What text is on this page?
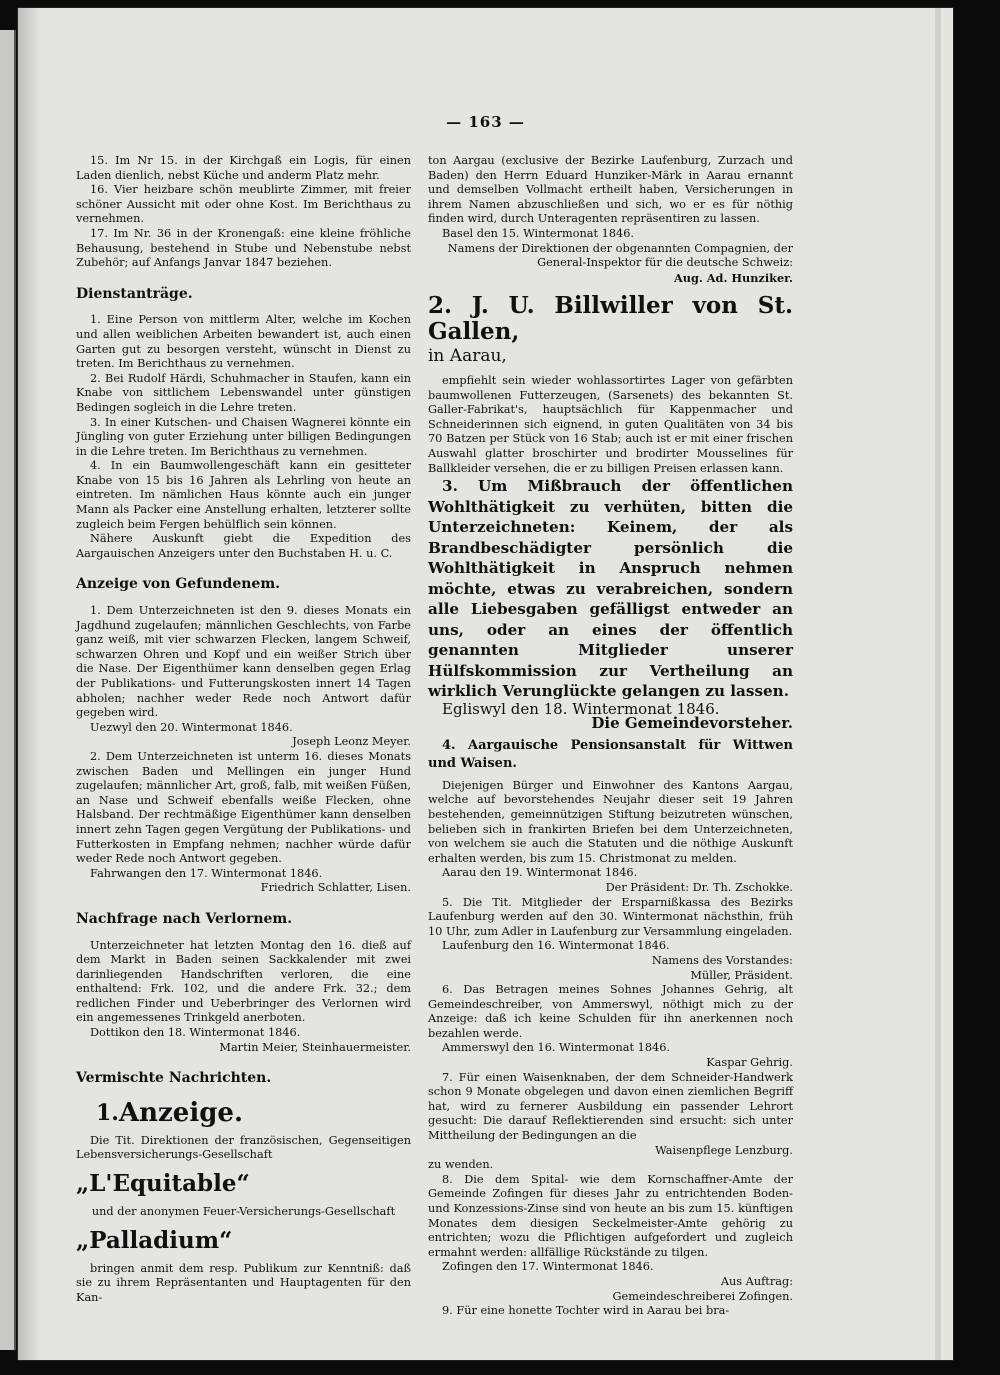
— 163 —

15. Im Nr 15. in der Kirchgaß ein Logis, für einen Laden dienlich, nebst Küche und anderm Platz mehr.

16. Vier heizbare schön meublirte Zimmer, mit freier schöner Aussicht mit oder ohne Kost. Im Berichthaus zu vernehmen.

17. Im Nr. 36 in der Kronengaß: eine kleine fröhliche Behausung, bestehend in Stube und Nebenstube nebst Zubehör; auf Anfangs Janvar 1847 beziehen.

Dienstanträge.

1. Eine Person von mittlerm Alter, welche im Kochen und allen weiblichen Arbeiten bewandert ist, auch einen Garten gut zu besorgen versteht, wünscht in Dienst zu treten. Im Berichthaus zu vernehmen.

2. Bei Rudolf Härdi, Schuhmacher in Staufen, kann ein Knabe von sittlichem Lebenswandel unter günstigen Bedingen sogleich in die Lehre treten.

3. In einer Kutschen- und Chaisen Wagnerei könnte ein Jüngling von guter Erziehung unter billigen Bedingungen in die Lehre treten. Im Berichthaus zu vernehmen.

4. In ein Baumwollengeschäft kann ein gesitteter Knabe von 15 bis 16 Jahren als Lehrling von heute an eintreten. Im nämlichen Haus könnte auch ein junger Mann als Packer eine Anstellung erhalten, letzterer sollte zugleich beim Fergen behülflich sein können.

Nähere Auskunft giebt die Expedition des Aargauischen Anzeigers unter den Buchstaben H. u. C.

Anzeige von Gefundenem.

1. Dem Unterzeichneten ist den 9. dieses Monats ein Jagdhund zugelaufen; männlichen Geschlechts, von Farbe ganz weiß, mit vier schwarzen Flecken, langem Schweif, schwarzen Ohren und Kopf und ein weißer Strich über die Nase. Der Eigenthümer kann denselben gegen Erlag der Publikations- und Futterungskosten innert 14 Tagen abholen; nachher weder Rede noch Antwort dafür gegeben wird.

Uezwyl den 20. Wintermonat 1846.

Joseph Leonz Meyer.

2. Dem Unterzeichneten ist unterm 16. dieses Monats zwischen Baden und Mellingen ein junger Hund zugelaufen; männlicher Art, groß, falb, mit weißen Füßen, an Nase und Schweif ebenfalls weiße Flecken, ohne Halsband. Der rechtmäßige Eigenthümer kann denselben innert zehn Tagen gegen Vergütung der Publikations- und Futterkosten in Empfang nehmen; nachher würde dafür weder Rede noch Antwort gegeben.

Fahrwangen den 17. Wintermonat 1846.

Friedrich Schlatter, Lisen.

Nachfrage nach Verlornem.

Unterzeichneter hat letzten Montag den 16. dieß auf dem Markt in Baden seinen Sackkalender mit zwei darinliegenden Handschriften verloren, die eine enthaltend: Frk. 102, und die andere Frk. 32.; dem redlichen Finder und Ueberbringer des Verlornen wird ein angemessenes Trinkgeld anerboten.

Dottikon den 18. Wintermonat 1846.

Martin Meier, Steinhauermeister.

Vermischte Nachrichten.

1. Anzeige.

Die Tit. Direktionen der französischen, Gegenseitigen Lebensversicherungs-Gesellschaft

„L'Equitable“

und der anonymen Feuer-Versicherungs-Gesellschaft

„Palladium“

bringen anmit dem resp. Publikum zur Kenntniß: daß sie zu ihrem Repräsentanten und Hauptagenten für den Kan-

ton Aargau (exclusive der Bezirke Laufenburg, Zurzach und Baden) den Herrn Eduard Hunziker-Märk in Aarau ernannt und demselben Vollmacht ertheilt haben, Versicherungen in ihrem Namen abzuschließen und sich, wo er es für nöthig finden wird, durch Unteragenten repräsentiren zu lassen.

Basel den 15. Wintermonat 1846.

Namens der Direktionen der obgenannten Compagnien, der General-Inspektor für die deutsche Schweiz:

Aug. Ad. Hunziker.

2. J. U. Billwiller von St. Gallen,

in Aarau,

empfiehlt sein wieder wohlassortirtes Lager von gefärbten baumwollenen Futterzeugen, (Sarsenets) des bekannten St. Galler-Fabrikat's, hauptsächlich für Kappenmacher und Schneiderinnen sich eignend, in guten Qualitäten von 34 bis 70 Batzen per Stück von 16 Stab; auch ist er mit einer frischen Auswahl glatter broschirter und brodirter Mousselines für Ballkleider versehen, die er zu billigen Preisen erlassen kann.

3. Um Mißbrauch der öffentlichen Wohlthätigkeit zu verhüten, bitten die Unterzeichneten: Keinem, der als Brandbeschädigter persönlich die Wohlthätigkeit in Anspruch nehmen möchte, etwas zu verabreichen, sondern alle Liebesgaben gefälligst entweder an uns, oder an eines der öffentlich genannten Mitglieder unserer Hülfskommission zur Vertheilung an wirklich Verunglückte gelangen zu lassen.

Egliswyl den 18. Wintermonat 1846.

Die Gemeindevorsteher.

4. Aargauische Pensionsanstalt für Wittwen und Waisen.

Diejenigen Bürger und Einwohner des Kantons Aargau, welche auf bevorstehendes Neujahr dieser seit 19 Jahren bestehenden, gemeinnützigen Stiftung beizutreten wünschen, belieben sich in frankirten Briefen bei dem Unterzeichneten, von welchem sie auch die Statuten und die nöthige Auskunft erhalten werden, bis zum 15. Christmonat zu melden.

Aarau den 19. Wintermonat 1846.

Der Präsident: Dr. Th. Zschokke.

5. Die Tit. Mitglieder der Ersparnißkassa des Bezirks Laufenburg werden auf den 30. Wintermonat nächsthin, früh 10 Uhr, zum Adler in Laufenburg zur Versammlung eingeladen.

Laufenburg den 16. Wintermonat 1846.

Namens des Vorstandes:

Müller, Präsident.

6. Das Betragen meines Sohnes Johannes Gehrig, alt Gemeindeschreiber, von Ammerswyl, nöthigt mich zu der Anzeige: daß ich keine Schulden für ihn anerkennen noch bezahlen werde.

Ammerswyl den 16. Wintermonat 1846.

Kaspar Gehrig.

7. Für einen Waisenknaben, der dem Schneider-Handwerk schon 9 Monate obgelegen und davon einen ziemlichen Begriff hat, wird zu fernerer Ausbildung ein passender Lehrort gesucht: Die darauf Reflektierenden sind ersucht: sich unter Mittheilung der Bedingungen an die

Waisenpflege Lenzburg.

zu wenden.

8. Die dem Spital- wie dem Kornschaffner-Amte der Gemeinde Zofingen für dieses Jahr zu entrichtenden Boden- und Konzessions-Zinse sind von heute an bis zum 15. künftigen Monates dem diesigen Seckelmeister-Amte gehörig zu entrichten; wozu die Pflichtigen aufgefordert und zugleich ermahnt werden: allfällige Rückstände zu tilgen.

Zofingen den 17. Wintermonat 1846.

Aus Auftrag:

Gemeindeschreiberei Zofingen.

9. Für eine honette Tochter wird in Aarau bei bra-
